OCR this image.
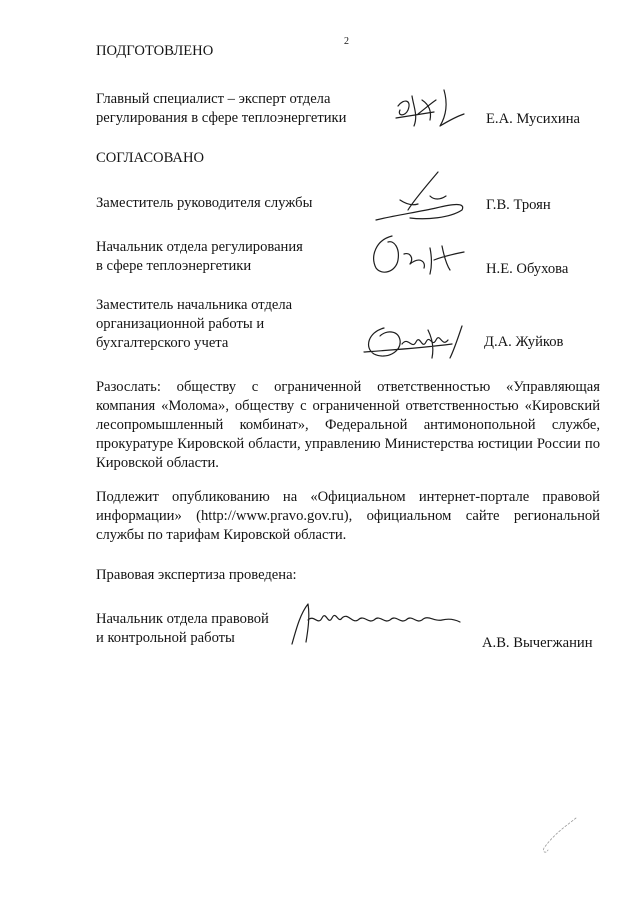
2
ПОДГОТОВЛЕНО
Главный специалист – эксперт отдела
регулирования в сфере теплоэнергетики	Е.А. Мусихина
СОГЛАСОВАНО
Заместитель руководителя службы	Г.В. Троян
Начальник отдела регулирования
в сфере теплоэнергетики	Н.Е. Обухова
Заместитель начальника отдела
организационной работы и
бухгалтерского учета	Д.А. Жуйков
Разослать: обществу с ограниченной ответственностью «Управляющая компания «Молома», обществу с ограниченной ответственностью «Кировский лесопромышленный комбинат», Федеральной антимонопольной службе, прокуратуре Кировской области, управлению Министерства юстиции России по Кировской области.
Подлежит опубликованию на «Официальном интернет-портале правовой информации» (http://www.pravo.gov.ru), официальном сайте региональной службы по тарифам Кировской области.
Правовая экспертиза проведена:
Начальник отдела правовой
и контрольной работы	А.В. Вычегжанин
